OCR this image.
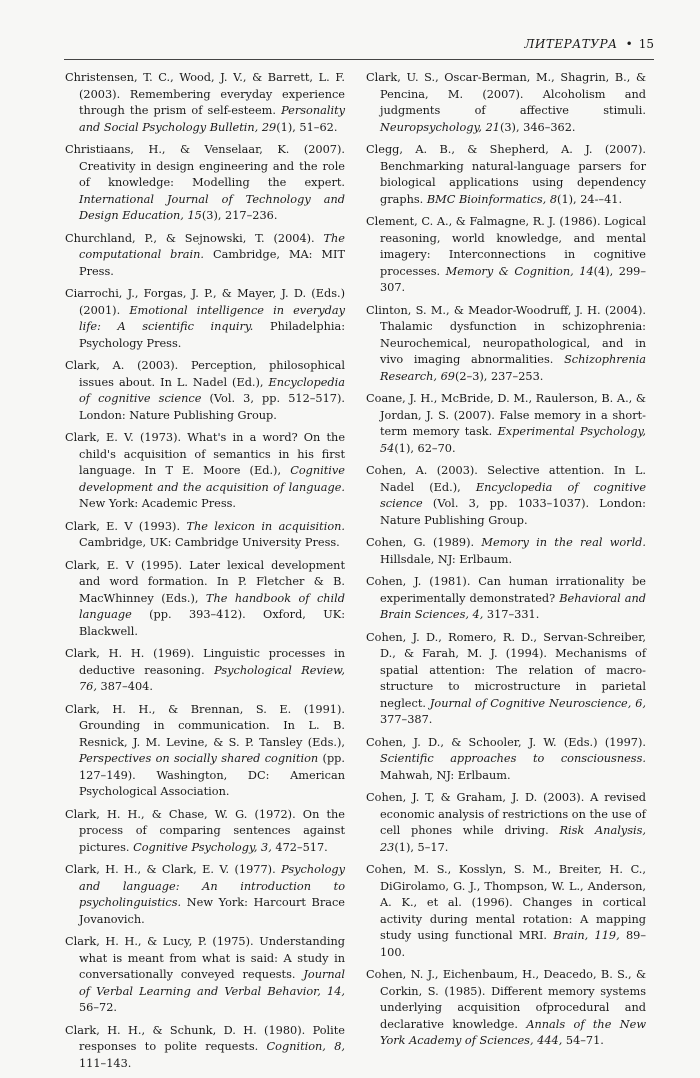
ЛИТЕРАТУРА • 15

Christensen, T. C., Wood, J. V., & Barrett, L. F. (2003). Remembering everyday experience through the prism of self-esteem. Personality and Social Psychology Bulletin, 29(1), 51–62.

Christiaans, H., & Venselaar, K. (2007). Creativity in design engineering and the role of knowledge: Modelling the expert. International Journal of Technology and Design Education, 15(3), 217–236.

Churchland, P., & Sejnowski, T. (2004). The computational brain. Cambridge, MA: MIT Press.

Ciarrochi, J., Forgas, J. P., & Mayer, J. D. (Eds.) (2001). Emotional intelligence in everyday life: A scientific inquiry. Philadelphia: Psychology Press.

Clark, A. (2003). Perception, philosophical issues about. In L. Nadel (Ed.), Encyclopedia of cognitive science (Vol. 3, pp. 512–517). London: Nature Publishing Group.

Clark, E. V. (1973). What's in a word? On the child's acquisition of semantics in his first language. In T E. Moore (Ed.), Cognitive development and the acquisition of language. New York: Academic Press.

Clark, E. V (1993). The lexicon in acquisition. Cambridge, UK: Cambridge University Press.

Clark, E. V (1995). Later lexical development and word formation. In P. Fletcher & B. MacWhinney (Eds.), The handbook of child language (pp. 393–412). Oxford, UK: Blackwell.

Clark, H. H. (1969). Linguistic processes in deductive reasoning. Psychological Review, 76, 387–404.

Clark, H. H., & Brennan, S. E. (1991). Grounding in communication. In L. B. Resnick, J. M. Levine, & S. P. Tansley (Eds.), Perspectives on socially shared cognition (pp. 127–149). Washington, DC: American Psychological Association.

Clark, H. H., & Chase, W. G. (1972). On the process of comparing sentences against pictures. Cognitive Psychology, 3, 472–517.

Clark, H. H., & Clark, E. V. (1977). Psychology and language: An introduction to psycholinguistics. New York: Harcourt Brace Jovanovich.

Clark, H. H., & Lucy, P. (1975). Understanding what is meant from what is said: A study in conversationally conveyed requests. Journal of Verbal Learning and Verbal Behavior, 14, 56–72.

Clark, H. H., & Schunk, D. H. (1980). Polite responses to polite requests. Cognition, 8, 111–143.

Clark, U. S., Oscar-Berman, M., Shagrin, B., & Pencina, M. (2007). Alcoholism and judgments of affective stimuli. Neuropsychology, 21(3), 346–362.

Clegg, A. B., & Shepherd, A. J. (2007). Benchmarking natural-language parsers for biological applications using dependency graphs. BMC Bioinformatics, 8(1), 24-–41.

Clement, C. A., & Falmagne, R. J. (1986). Logical reasoning, world knowledge, and mental imagery: Interconnections in cognitive processes. Memory & Cognition, 14(4), 299–307.

Clinton, S. M., & Meador-Woodruff, J. H. (2004). Thalamic dysfunction in schizophrenia: Neurochemical, neuropathological, and in vivo imaging abnormalities. Schizophrenia Research, 69(2–3), 237–253.

Coane, J. H., McBride, D. M., Raulerson, B. A., & Jordan, J. S. (2007). False memory in a short-term memory task. Experimental Psychology, 54(1), 62–70.

Cohen, A. (2003). Selective attention. In L. Nadel (Ed.), Encyclopedia of cognitive science (Vol. 3, pp. 1033–1037). London: Nature Publishing Group.

Cohen, G. (1989). Memory in the real world. Hillsdale, NJ: Erlbaum.

Cohen, J. (1981). Can human irrationality be experimentally demonstrated? Behavioral and Brain Sciences, 4, 317–331.

Cohen, J. D., Romero, R. D., Servan-Schreiber, D., & Farah, M. J. (1994). Mechanisms of spatial attention: The relation of macro-structure to microstructure in parietal neglect. Journal of Cognitive Neuroscience, 6, 377–387.

Cohen, J. D., & Schooler, J. W. (Eds.) (1997). Scientific approaches to consciousness. Mahwah, NJ: Erlbaum.

Cohen, J. T, & Graham, J. D. (2003). A revised economic analysis of restrictions on the use of cell phones while driving. Risk Analysis, 23(1), 5–17.

Cohen, M. S., Kosslyn, S. M., Breiter, H. C., DiGirolamo, G. J., Thompson, W. L., Anderson, A. K., et al. (1996). Changes in cortical activity during mental rotation: A mapping study using functional MRI. Brain, 119, 89–100.

Cohen, N. J., Eichenbaum, H., Deacedo, B. S., & Corkin, S. (1985). Different memory systems underlying acquisition ofprocedural and declarative knowledge. Annals of the New York Academy of Sciences, 444, 54–71.
